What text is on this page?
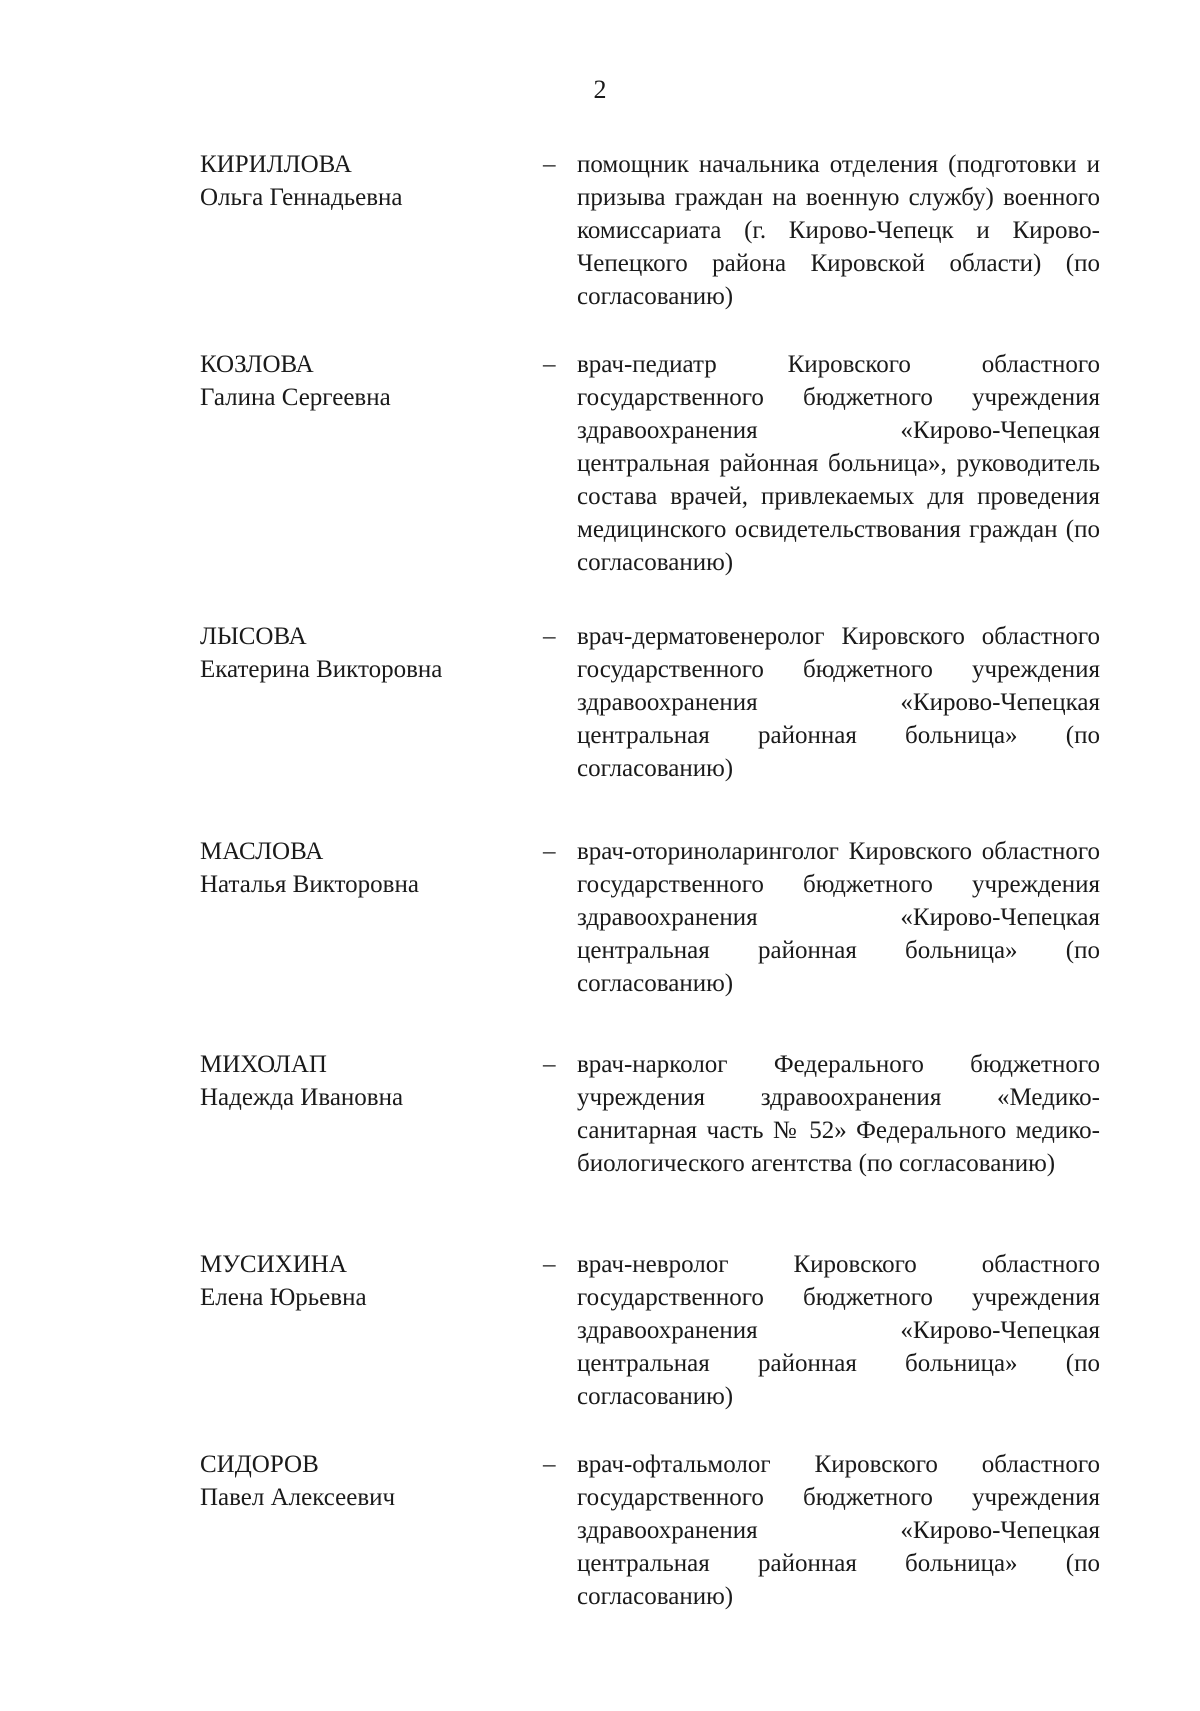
2
КИРИЛЛОВА
Ольга Геннадьевна
– помощник начальника отделения (подготовки и призыва граждан на военную службу) военного комиссариата (г. Кирово-Чепецк и Кирово-Чепецкого района Кировской области) (по согласованию)
КОЗЛОВА
Галина Сергеевна
– врач-педиатр Кировского областного государственного бюджетного учреждения здравоохранения «Кирово-Чепецкая центральная районная больница», руководитель состава врачей, привлекаемых для проведения медицинского освидетельствования граждан (по согласованию)
ЛЫСОВА
Екатерина Викторовна
– врач-дерматовенеролог Кировского областного государственного бюджетного учреждения здравоохранения «Кирово-Чепецкая центральная районная больница» (по согласованию)
МАСЛОВА
Наталья Викторовна
– врач-оториноларинголог Кировского областного государственного бюджетного учреждения здравоохранения «Кирово-Чепецкая центральная районная больница» (по согласованию)
МИХОЛАП
Надежда Ивановна
– врач-нарколог Федерального бюджетного учреждения здравоохранения «Медико-санитарная часть № 52» Федерального медико-биологического агентства (по согласованию)
МУСИХИНА
Елена Юрьевна
– врач-невролог Кировского областного государственного бюджетного учреждения здравоохранения «Кирово-Чепецкая центральная районная больница» (по согласованию)
СИДОРОВ
Павел Алексеевич
– врач-офтальмолог Кировского областного государственного бюджетного учреждения здравоохранения «Кирово-Чепецкая центральная районная больница» (по согласованию)
